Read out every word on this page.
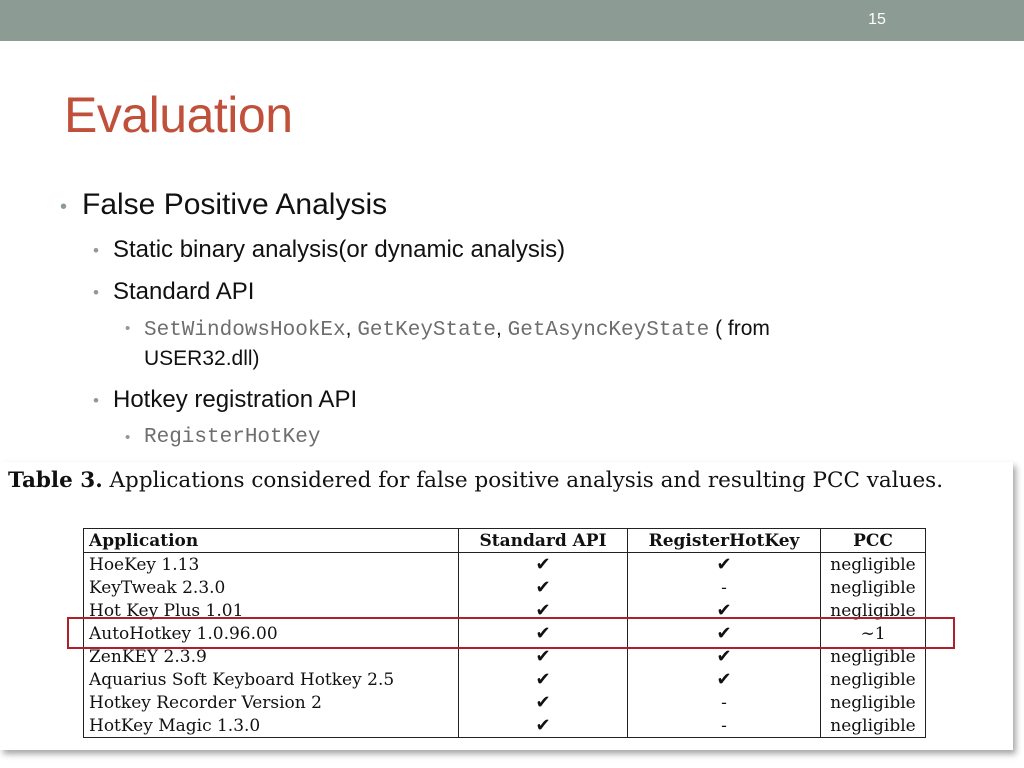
15
Evaluation
• False Positive Analysis
• Static binary analysis(or dynamic analysis)
• Standard API
• SetWindowsHookEx, GetKeyState, GetAsyncKeyState ( from
USER32.dll)
• Hotkey registration API
• RegisterHotKey
Table 3. Applications considered for false positive analysis and resulting PCC values.
Application	Standard API	RegisterHotKey	PCC
HoeKey 1.13	✔	✔	negligible
KeyTweak 2.3.0	✔	-	negligible
Hot Key Plus 1.01	✔	✔	negligible
AutoHotkey 1.0.96.00	✔	✔	∼1
ZenKEY 2.3.9	✔	✔	negligible
Aquarius Soft Keyboard Hotkey 2.5	✔	✔	negligible
Hotkey Recorder Version 2	✔	-	negligible
HotKey Magic 1.3.0	✔	-	negligible
